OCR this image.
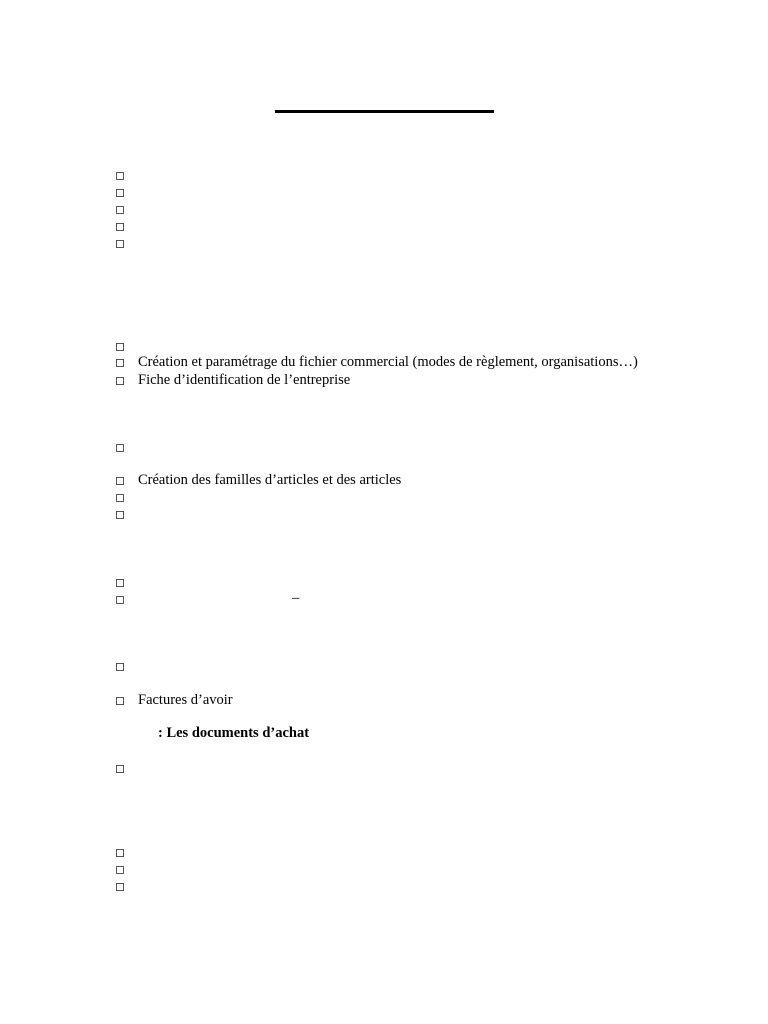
Création et paramétrage du fichier commercial (modes de règlement, organisations…)
Fiche d’identification de l’entreprise
Création des familles d’articles et des articles
–
Factures d’avoir
: Les documents d’achat
